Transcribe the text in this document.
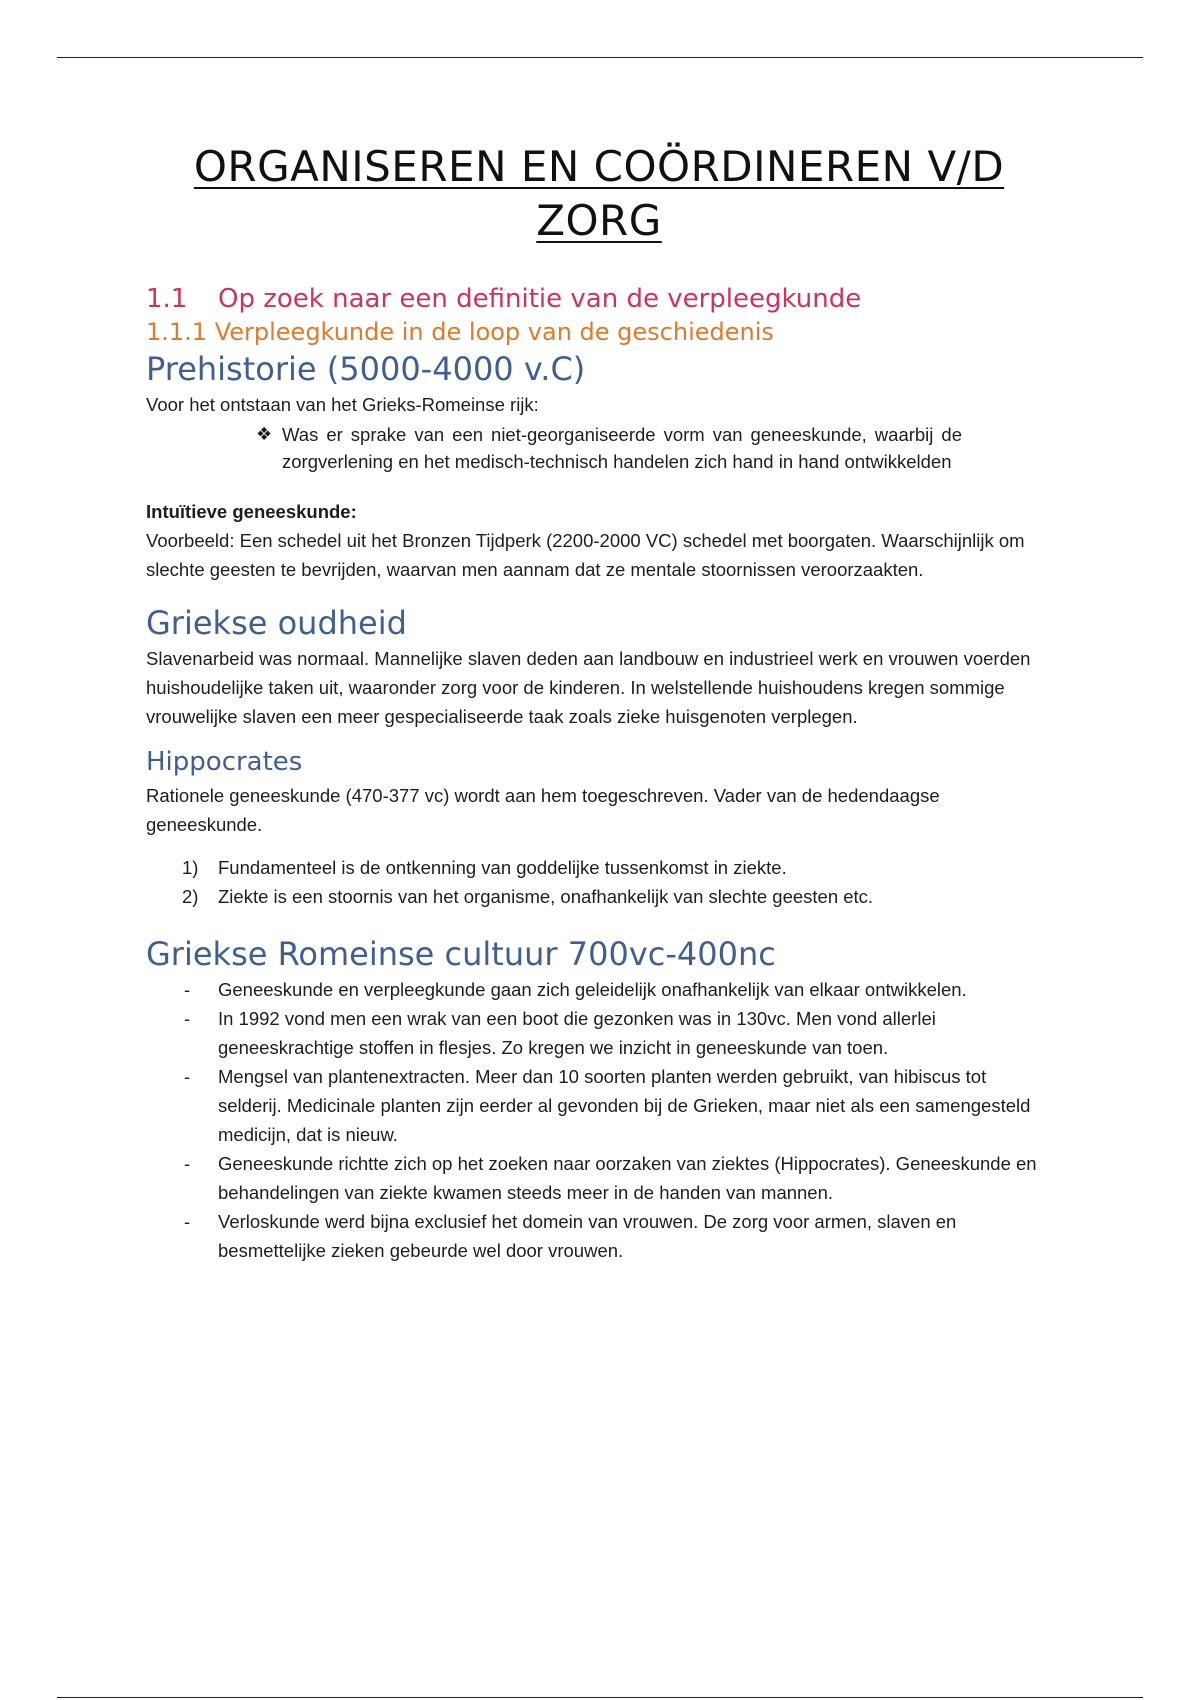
ORGANISEREN EN COÖRDINEREN V/D ZORG
1.1 Op zoek naar een definitie van de verpleegkunde
1.1.1 Verpleegkunde in de loop van de geschiedenis
Prehistorie (5000-4000 v.C)

Voor het ontstaan van het Grieks-Romeinse rijk:

❖ Was er sprake van een niet-georganiseerde vorm van geneeskunde, waarbij de zorgverlening en het medisch-technisch handelen zich hand in hand ontwikkelden

Intuïtieve geneeskunde:

Voorbeeld: Een schedel uit het Bronzen Tijdperk (2200-2000 VC) schedel met boorgaten. Waarschijnlijk om slechte geesten te bevrijden, waarvan men aannam dat ze mentale stoornissen veroorzaakten.

Griekse oudheid

Slavenarbeid was normaal. Mannelijke slaven deden aan landbouw en industrieel werk en vrouwen voerden huishoudelijke taken uit, waaronder zorg voor de kinderen. In welstellende huishoudens kregen sommige vrouwelijke slaven een meer gespecialiseerde taak zoals zieke huisgenoten verplegen.

Hippocrates

Rationele geneeskunde (470-377 vc) wordt aan hem toegeschreven. Vader van de hedendaagse geneeskunde.

1) Fundamenteel is de ontkenning van goddelijke tussenkomst in ziekte.
2) Ziekte is een stoornis van het organisme, onafhankelijk van slechte geesten etc.
Griekse Romeinse cultuur 700vc-400nc
- Geneeskunde en verpleegkunde gaan zich geleidelijk onafhankelijk van elkaar ontwikkelen.
- In 1992 vond men een wrak van een boot die gezonken was in 130vc. Men vond allerlei geneeskrachtige stoffen in flesjes. Zo kregen we inzicht in geneeskunde van toen.
- Mengsel van plantenextracten. Meer dan 10 soorten planten werden gebruikt, van hibiscus tot selderij. Medicinale planten zijn eerder al gevonden bij de Grieken, maar niet als een samengesteld medicijn, dat is nieuw.
- Geneeskunde richtte zich op het zoeken naar oorzaken van ziektes (Hippocrates). Geneeskunde en behandelingen van ziekte kwamen steeds meer in de handen van mannen.
- Verloskunde werd bijna exclusief het domein van vrouwen. De zorg voor armen, slaven en besmettelijke zieken gebeurde wel door vrouwen.
